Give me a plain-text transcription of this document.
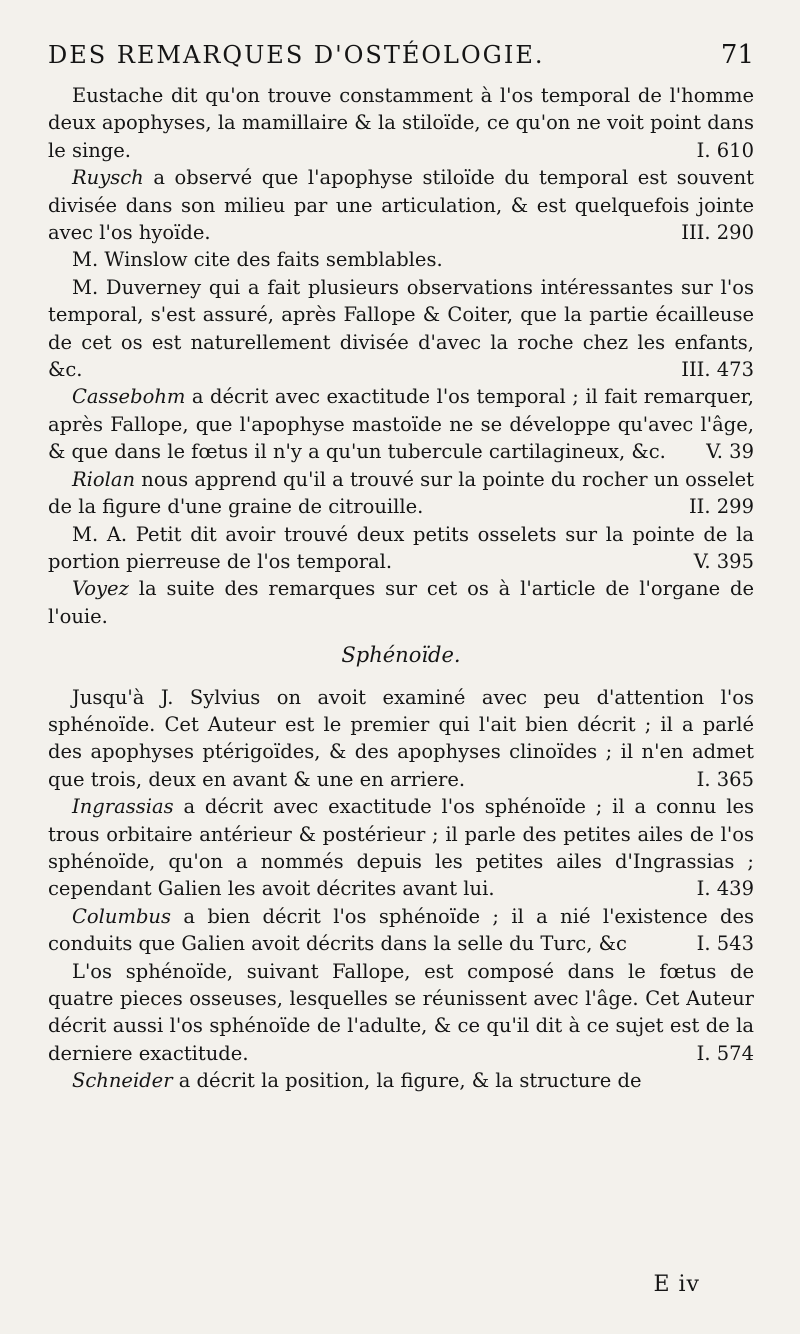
DES REMARQUES D'OSTÉOLOGIE.	71

Eustache dit qu'on trouve constamment à l'os temporal de l'homme deux apophyses, la mamillaire & la stiloïde, ce qu'on ne voit point dans le singe.	I. 610

Ruysch a observé que l'apophyse stiloïde du temporal est souvent divisée dans son milieu par une articulation, & est quelquefois jointe avec l'os hyoïde.	III. 290

M. Winslow cite des faits semblables.

M. Duverney qui a fait plusieurs observations intéressantes sur l'os temporal, s'est assuré, après Fallope & Coiter, que la partie écailleuse de cet os est naturellement divisée d'avec la roche chez les enfants, &c.	III. 473

Cassebohm a décrit avec exactitude l'os temporal ; il fait remarquer, après Fallope, que l'apophyse mastoïde ne se développe qu'avec l'âge, & que dans le fœtus il n'y a qu'un tubercule cartilagineux, &c.	V. 39

Riolan nous apprend qu'il a trouvé sur la pointe du rocher un osselet de la figure d'une graine de citrouille.	II. 299

M. A. Petit dit avoir trouvé deux petits osselets sur la pointe de la portion pierreuse de l'os temporal.	V. 395

Voyez la suite des remarques sur cet os à l'article de l'organe de l'ouie.

Sphénoïde.

Jusqu'à J. Sylvius on avoit examiné avec peu d'attention l'os sphénoïde. Cet Auteur est le premier qui l'ait bien décrit ; il a parlé des apophyses ptérigoïdes, & des apophyses clinoïdes ; il n'en admet que trois, deux en avant & une en arriere.	I. 365

Ingrassias a décrit avec exactitude l'os sphénoïde ; il a connu les trous orbitaire antérieur & postérieur ; il parle des petites ailes de l'os sphénoïde, qu'on a nommés depuis les petites ailes d'Ingrassias ; cependant Galien les avoit décrites avant lui.	I. 439

Columbus a bien décrit l'os sphénoïde ; il a nié l'existence des conduits que Galien avoit décrits dans la selle du Turc, &c	I. 543

L'os sphénoïde, suivant Fallope, est composé dans le fœtus de quatre pieces osseuses, lesquelles se réunissent avec l'âge. Cet Auteur décrit aussi l'os sphénoïde de l'adulte, & ce qu'il dit à ce sujet est de la derniere exactitude.	I. 574

Schneider a décrit la position, la figure, & la structure de

E iv
